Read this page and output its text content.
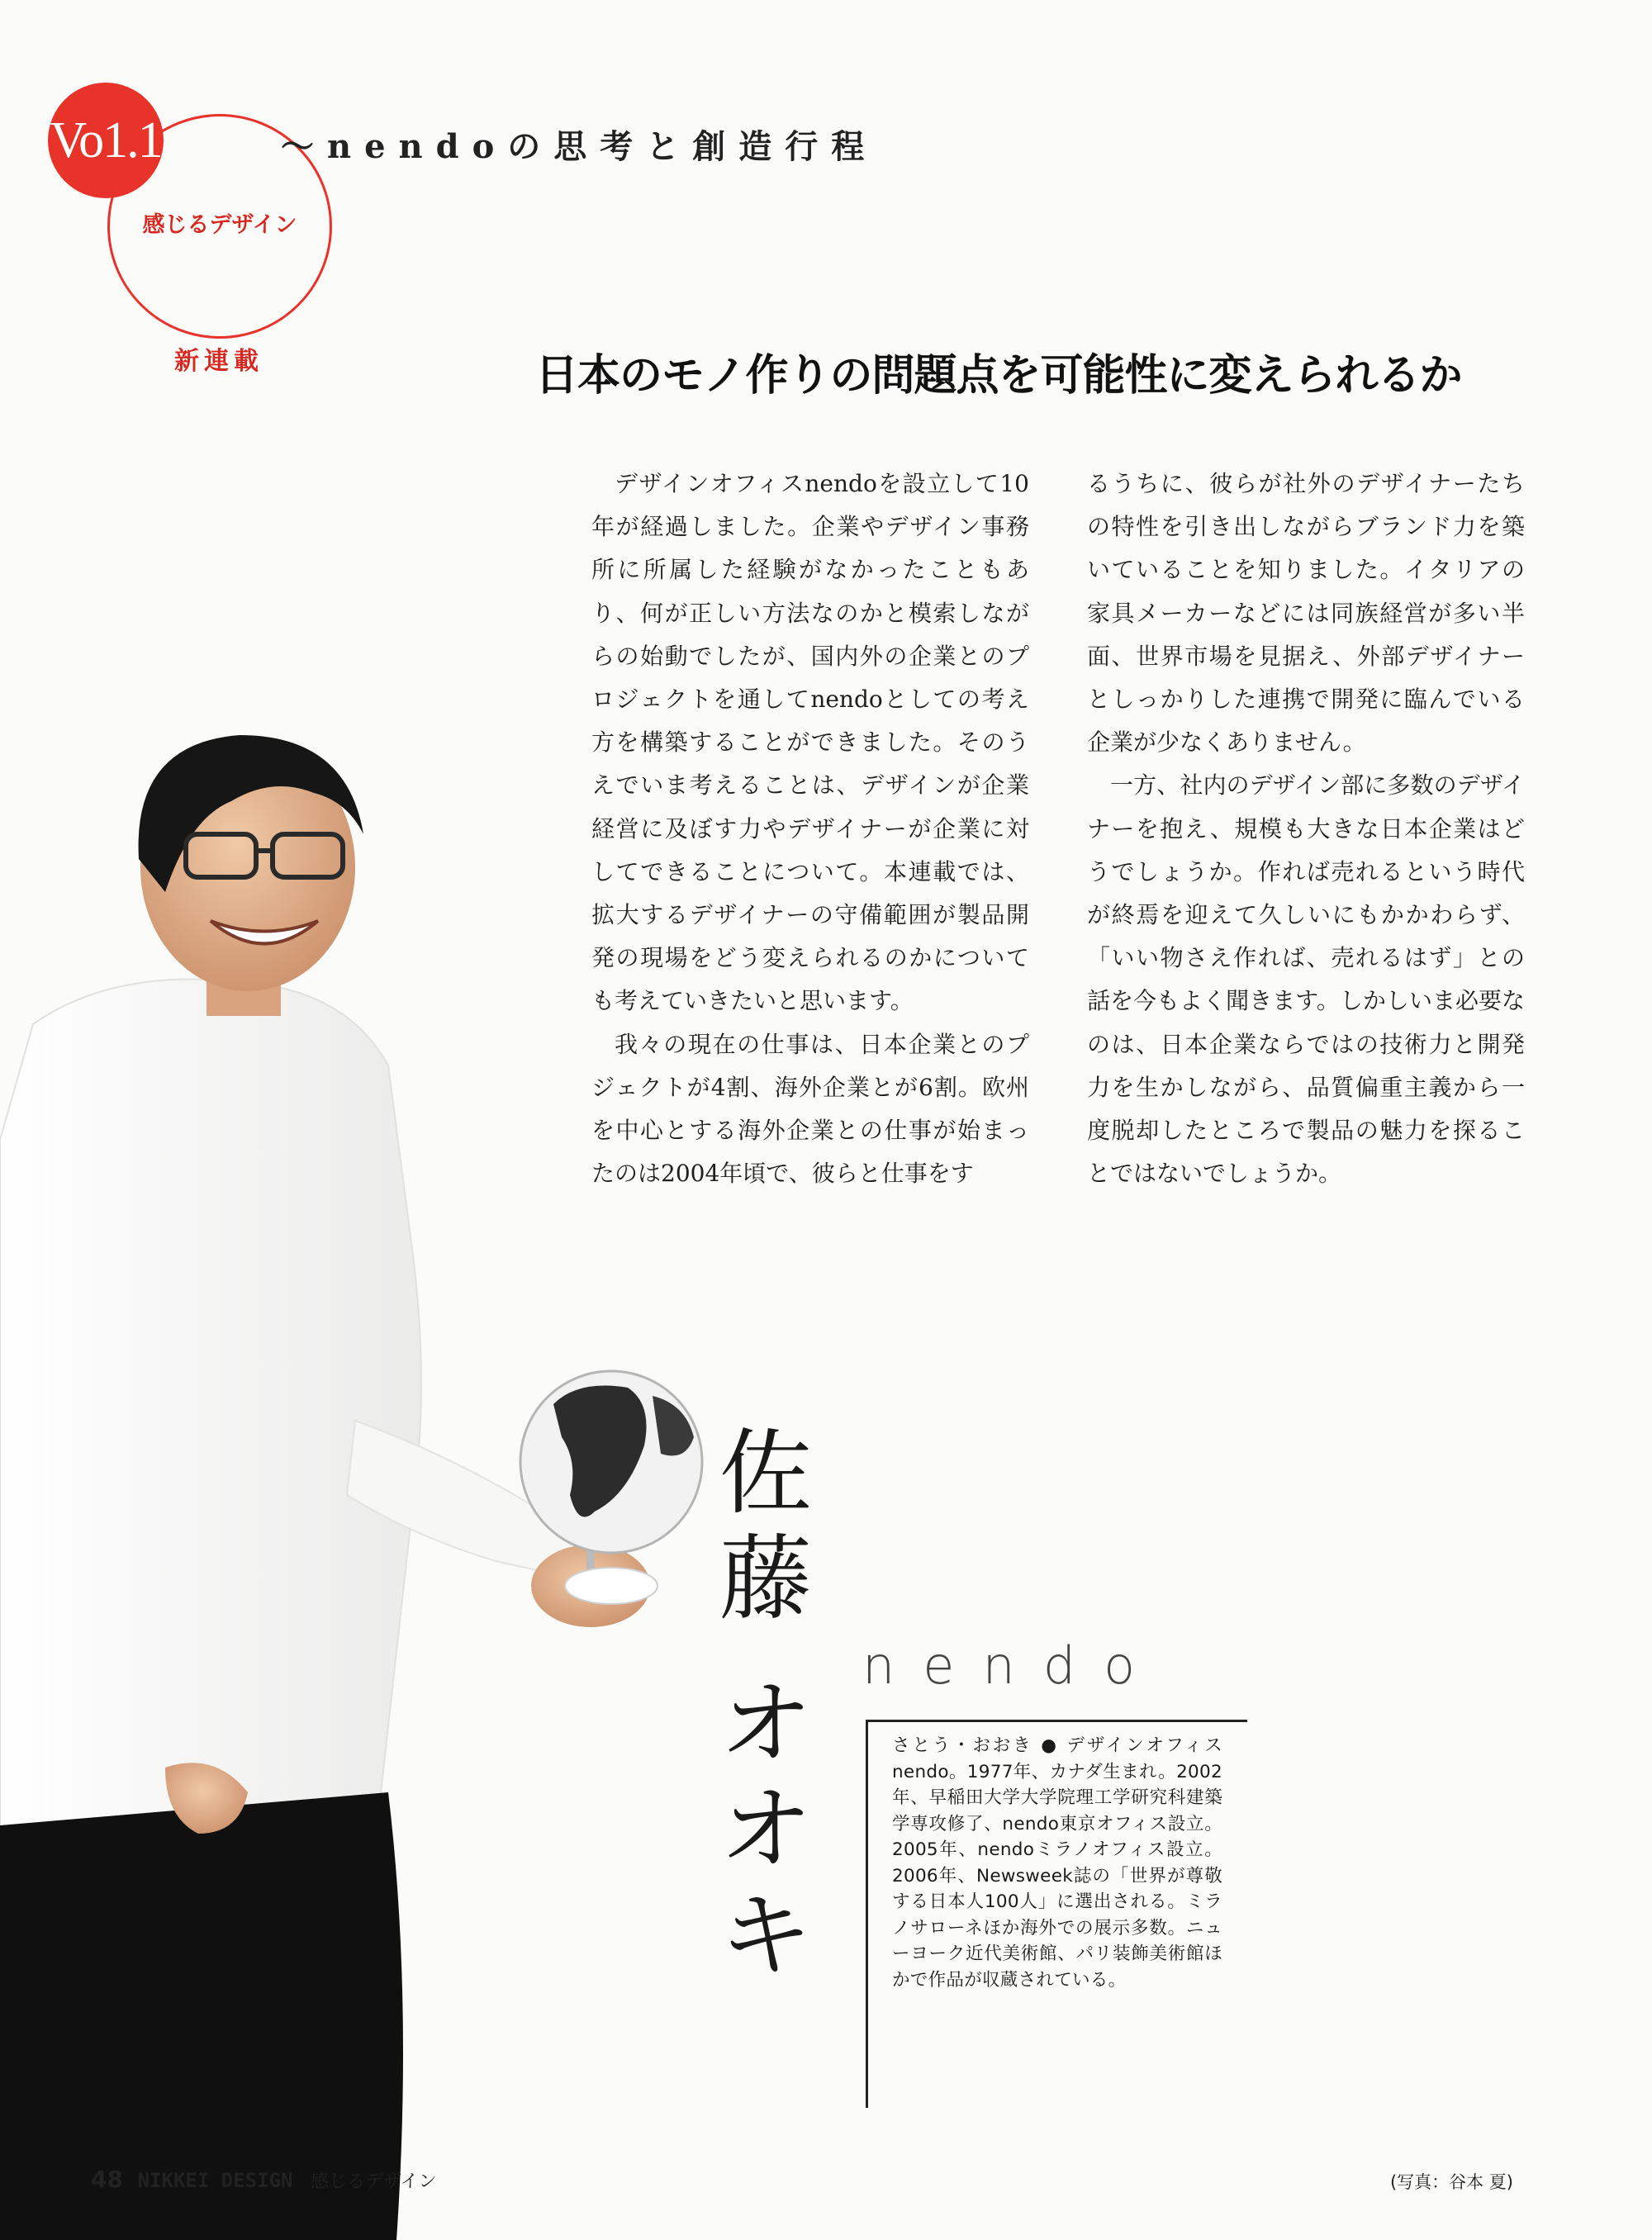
Vo1.1
感じるデザイン
新連載
〜nendoの思考と創造行程
日本のモノ作りの問題点を可能性に変えられるか

デザインオフィスnendoを設立して10年が経過しました。企業やデザイン事務所に所属した経験がなかったこともあり、何が正しい方法なのかと模索しながらの始動でしたが、国内外の企業とのプロジェクトを通してnendoとしての考え方を構築することができました。そのうえでいま考えることは、デザインが企業経営に及ぼす力やデザイナーが企業に対してできることについて。本連載では、拡大するデザイナーの守備範囲が製品開発の現場をどう変えられるのかについても考えていきたいと思います。

我々の現在の仕事は、日本企業とのプジェクトが4割、海外企業とが6割。欧州を中心とする海外企業との仕事が始まったのは2004年頃で、彼らと仕事をす

るうちに、彼らが社外のデザイナーたちの特性を引き出しながらブランド力を築いていることを知りました。イタリアの家具メーカーなどには同族経営が多い半面、世界市場を見据え、外部デザイナーとしっかりした連携で開発に臨んでいる企業が少なくありません。

一方、社内のデザイン部に多数のデザイナーを抱え、規模も大きな日本企業はどうでしょうか。作れば売れるという時代が終焉を迎えて久しいにもかかわらず、「いい物さえ作れば、売れるはず」との話を今もよく聞きます。しかしいま必要なのは、日本企業ならではの技術力と開発力を生かしながら、品質偏重主義から一度脱却したところで製品の魅力を探ることではないでしょうか。

佐藤
オ
オ
キ
nendo
さとう・おおき ● デザインオフィスnendo。1977年、カナダ生まれ。2002年、早稲田大学大学院理工学研究科建築学専攻修了、nendo東京オフィス設立。2005年、nendoミラノオフィス設立。2006年、Newsweek誌の「世界が尊敬する日本人100人」に選出される。ミラノサローネほか海外での展示多数。ニューヨーク近代美術館、パリ装飾美術館ほかで作品が収蔵されている。
48 NIKKEI DESIGN 感じるデザイン	(写真：谷本 夏)
